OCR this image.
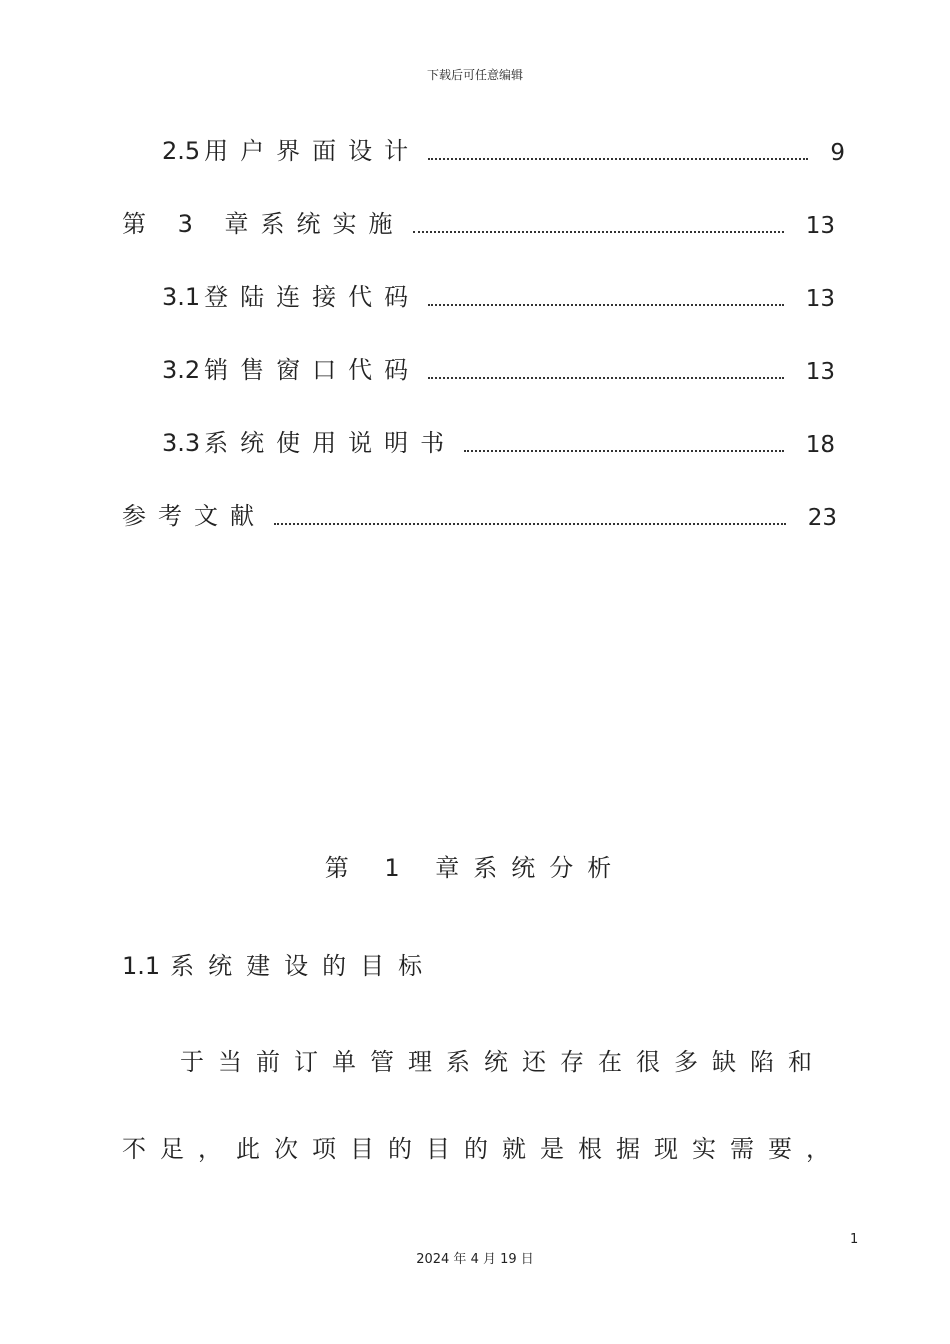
下载后可任意编辑
2.5 用户界面设计	9
第 3 章系统实施	13
3.1 登陆连接代码	13
3.2 销售窗口代码	13
3.3 系统使用说明书	18
参考文献	23
第 1 章系统分析
1.1 系统建设的目标
于当前订单管理系统还存在很多缺陷和
不足，此次项目的目的就是根据现实需要，
1
2024 年 4 月 19 日
